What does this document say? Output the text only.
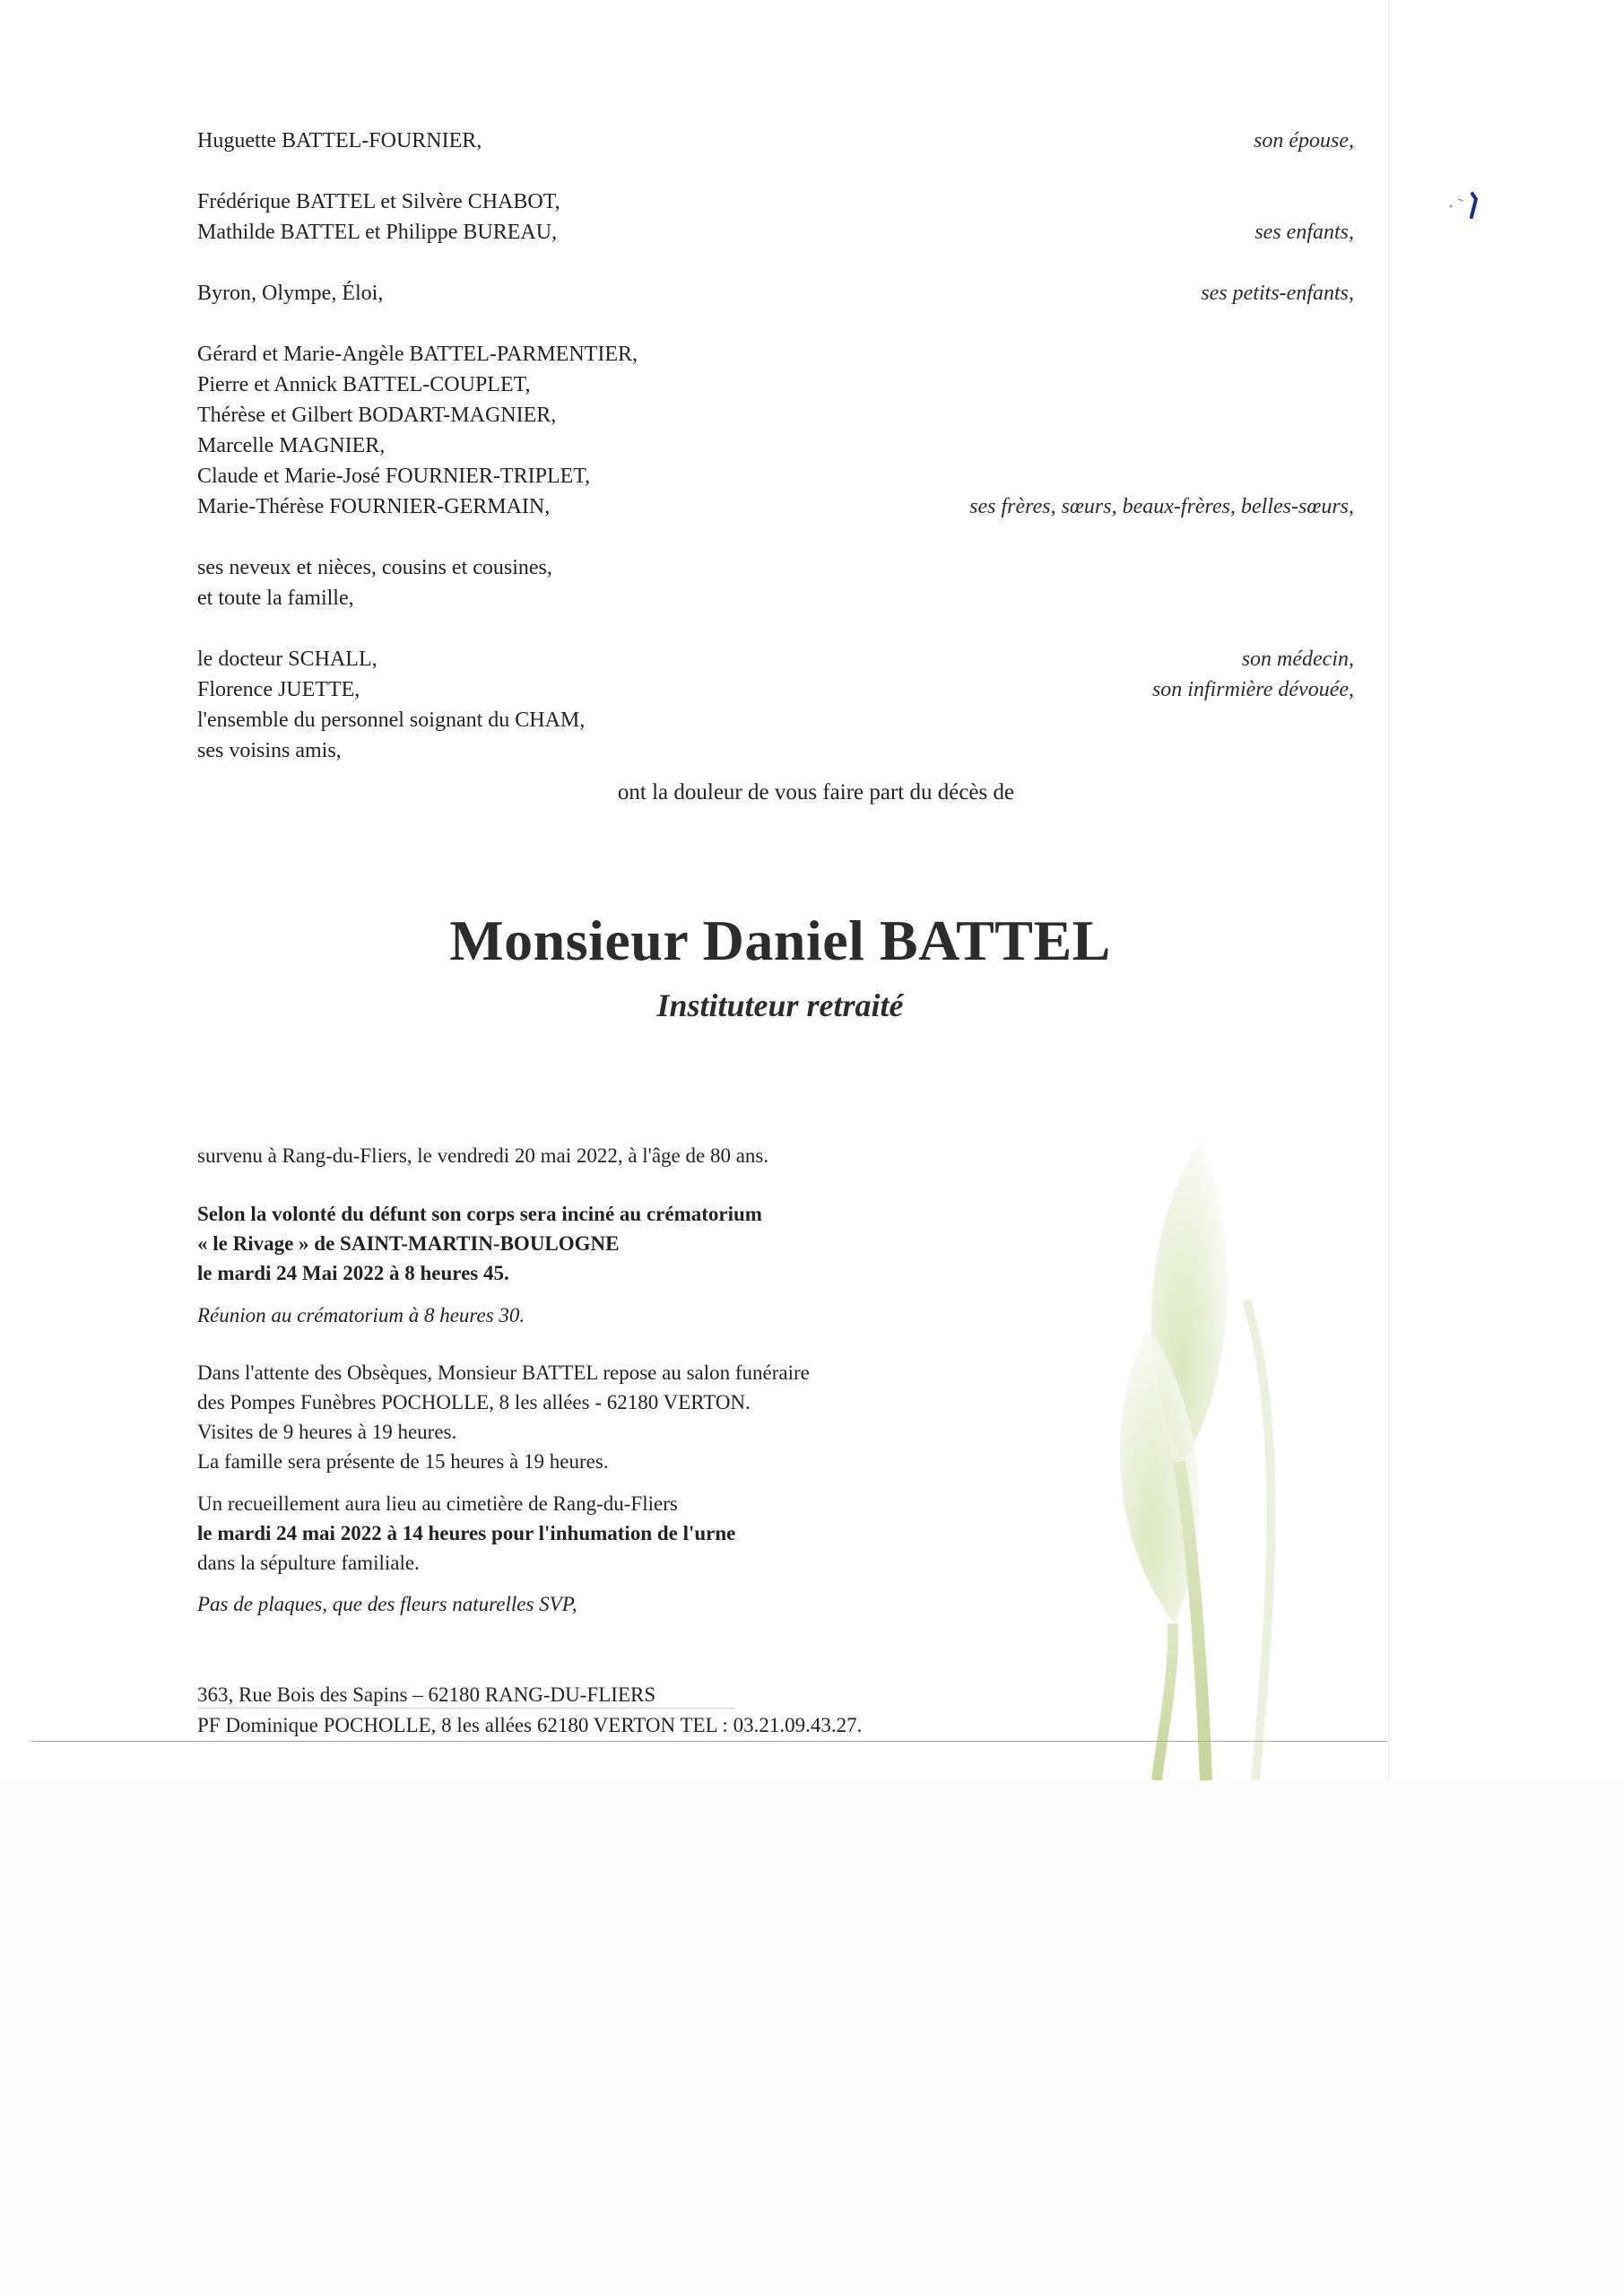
Huguette BATTEL-FOURNIER,	son épouse,
Frédérique BATTEL et Silvère CHABOT,
Mathilde BATTEL et Philippe BUREAU,	ses enfants,
Byron, Olympe, Éloi,	ses petits-enfants,
Gérard et Marie-Angèle BATTEL-PARMENTIER,
Pierre et Annick BATTEL-COUPLET,
Thérèse et Gilbert BODART-MAGNIER,
Marcelle MAGNIER,
Claude et Marie-José FOURNIER-TRIPLET,
Marie-Thérèse FOURNIER-GERMAIN,	ses frères, sœurs, beaux-frères, belles-sœurs,
ses neveux et nièces, cousins et cousines,
et toute la famille,
le docteur SCHALL,	son médecin,
Florence JUETTE,	son infirmière dévouée,
l'ensemble du personnel soignant du CHAM,
ses voisins amis,
ont la douleur de vous faire part du décès de
Monsieur Daniel BATTEL
Instituteur retraité

survenu à Rang-du-Fliers, le vendredi 20 mai 2022, à l'âge de 80 ans.

Selon la volonté du défunt son corps sera inciné au crématorium

« le Rivage » de SAINT-MARTIN-BOULOGNE

le mardi 24 Mai 2022 à 8 heures 45.

Réunion au crématorium à 8 heures 30.

Dans l'attente des Obsèques, Monsieur BATTEL repose au salon funéraire

des Pompes Funèbres POCHOLLE, 8 les allées - 62180 VERTON.

Visites de 9 heures à 19 heures.

La famille sera présente de 15 heures à 19 heures.

Un recueillement aura lieu au cimetière de Rang-du-Fliers

le mardi 24 mai 2022 à 14 heures pour l'inhumation de l'urne

dans la sépulture familiale.

Pas de plaques, que des fleurs naturelles SVP,

363, Rue Bois des Sapins – 62180 RANG-DU-FLIERS

PF Dominique POCHOLLE, 8 les allées 62180 VERTON TEL : 03.21.09.43.27.
